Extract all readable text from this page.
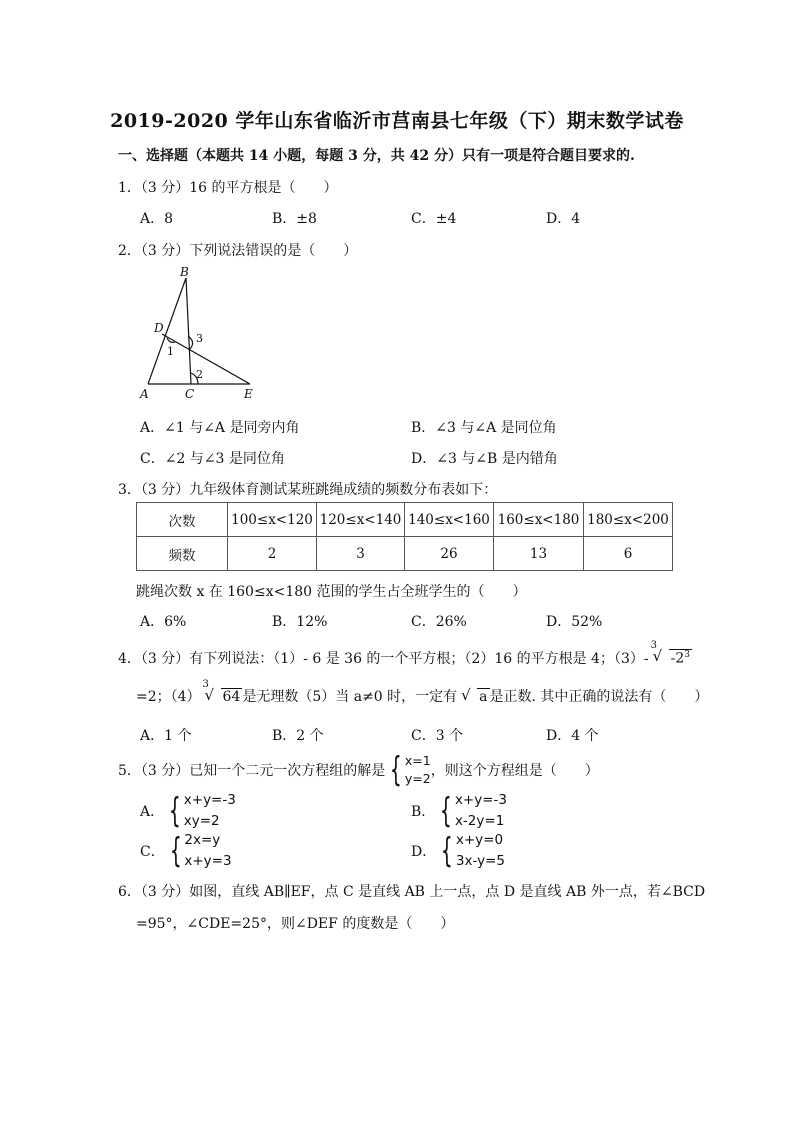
2019-2020 学年山东省临沂市莒南县七年级（下）期末数学试卷
一、选择题（本题共 14 小题，每题 3 分，共 42 分）只有一项是符合题目要求的.
1．（3 分）16 的平方根是（　　）
A．8	B．±8	C．±4	D．4
2．（3 分）下列说法错误的是（　　）
B
D
A	C	E
3
1
2
A．∠1 与∠A 是同旁内角	B．∠3 与∠A 是同位角
C．∠2 与∠3 是同位角	D．∠3 与∠B 是内错角
3．（3 分）九年级体育测试某班跳绳成绩的频数分布表如下：
次数	100≤x<120	120≤x<140	140≤x<160	160≤x<180	180≤x<200
频数	2	3	26	13	6
跳绳次数 x 在 160≤x<180 范围的学生占全班学生的（　　）
A．6%	B．12%	C．26%	D．52%
4．（3 分）有下列说法：（1）- 6 是 36 的一个平方根；（2）16 的平方根是 4；（3）-
3
√ $-2^3$
=2；（4）
3
√ 64 是无理数（5）当 a≠0 时，一定有 √ a 是正数. 其中正确的说法有（　　）
A．1 个	B．2 个	C．3 个	D．4 个
5．（3 分）已知一个二元一次方程组的解是 { x=1
y=2 ，则这个方程组是（　　）
A． { x+y=-3
xy=2
B． { x+y=-3
x-2y=1
C． { 2x=y
x+y=3
D． { x+y=0
3x-y=5
6．（3 分）如图，直线 AB∥EF，点 C 是直线 AB 上一点，点 D 是直线 AB 外一点，若∠BCD
=95°，∠CDE=25°，则∠DEF 的度数是（　　）
